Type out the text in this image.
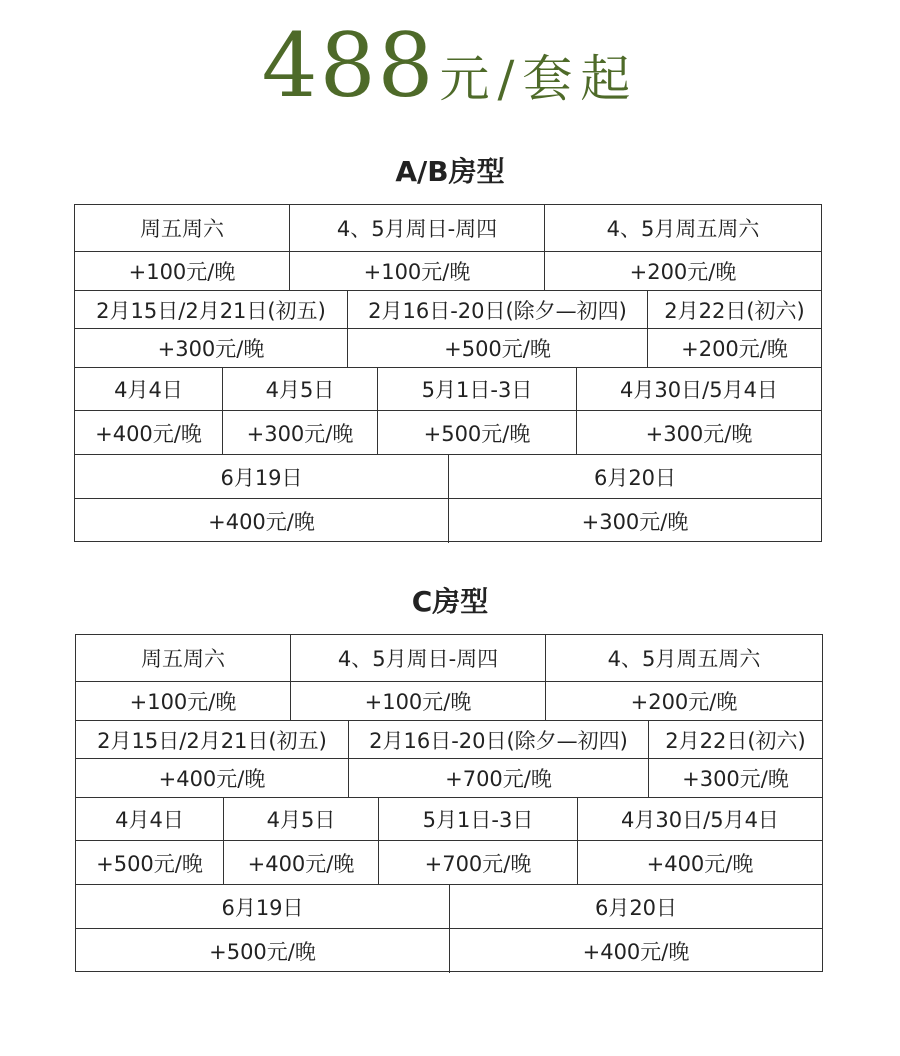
488元/套起
A/B房型
周五周六	4、5月周日-周四	4、5月周五周六
+100元/晚	+100元/晚	+200元/晚
2月15日/2月21日(初五)	2月16日-20日(除夕—初四)	2月22日(初六)
+300元/晚	+500元/晚	+200元/晚
4月4日	4月5日	5月1日-3日	4月30日/5月4日
+400元/晚	+300元/晚	+500元/晚	+300元/晚
6月19日	6月20日
+400元/晚	+300元/晚
C房型
周五周六	4、5月周日-周四	4、5月周五周六
+100元/晚	+100元/晚	+200元/晚
2月15日/2月21日(初五)	2月16日-20日(除夕—初四)	2月22日(初六)
+400元/晚	+700元/晚	+300元/晚
4月4日	4月5日	5月1日-3日	4月30日/5月4日
+500元/晚	+400元/晚	+700元/晚	+400元/晚
6月19日	6月20日
+500元/晚	+400元/晚
